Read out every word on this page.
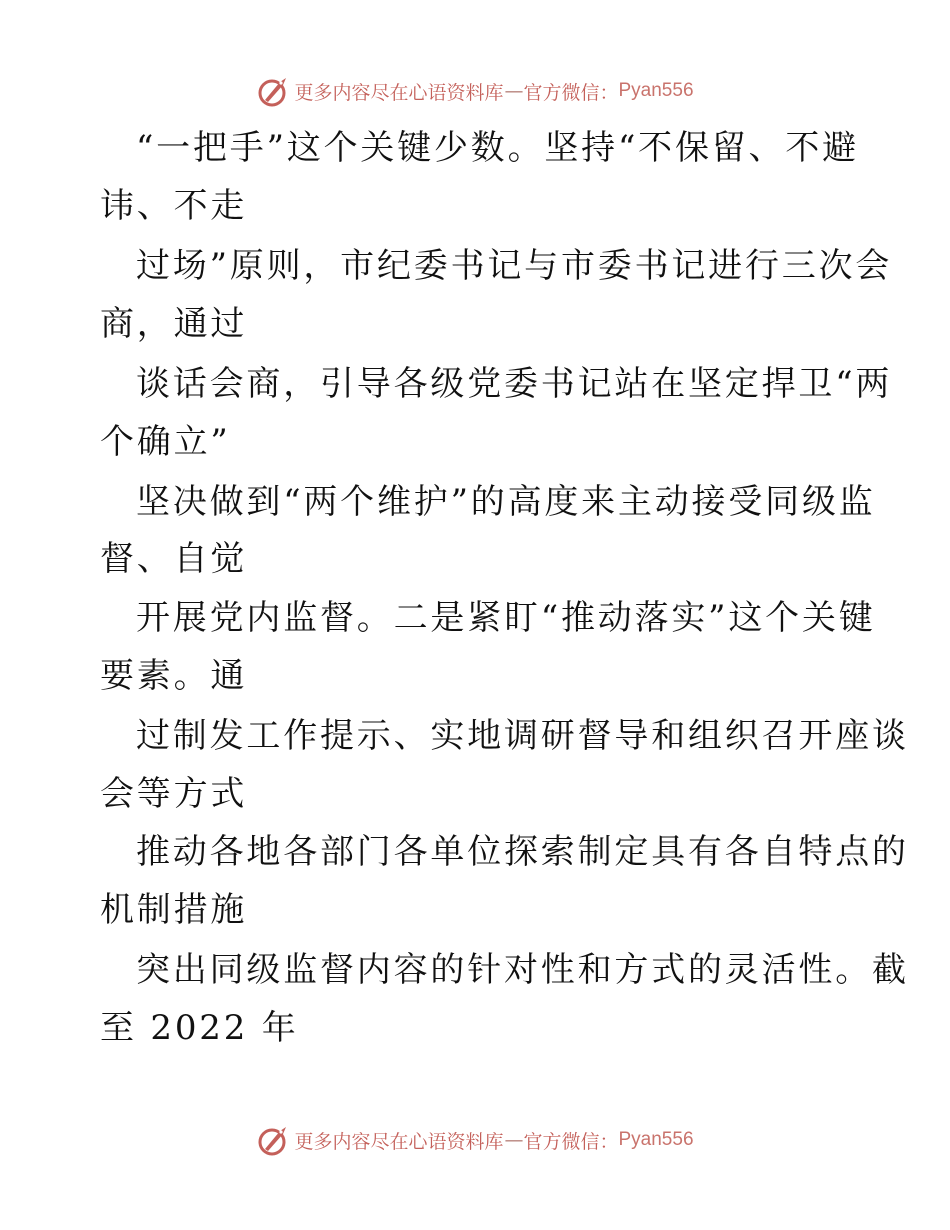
更多内容尽在心语资料库 — 官方微信： Pyan556
“一把手”这个关键少数。坚持“不保留、不避
讳、不走
过场”原则，市纪委书记与市委书记进行三次会
商，通过
谈话会商，引导各级党委书记站在坚定捍卫“两
个确立”
坚决做到“两个维护”的高度来主动接受同级监
督、自觉
开展党内监督。二是紧盯“推动落实”这个关键
要素。通
过制发工作提示、实地调研督导和组织召开座谈
会等方式
推动各地各部门各单位探索制定具有各自特点的
机制措施
突出同级监督内容的针对性和方式的灵活性。截
至 2022 年
更多内容尽在心语资料库 — 官方微信： Pyan556
